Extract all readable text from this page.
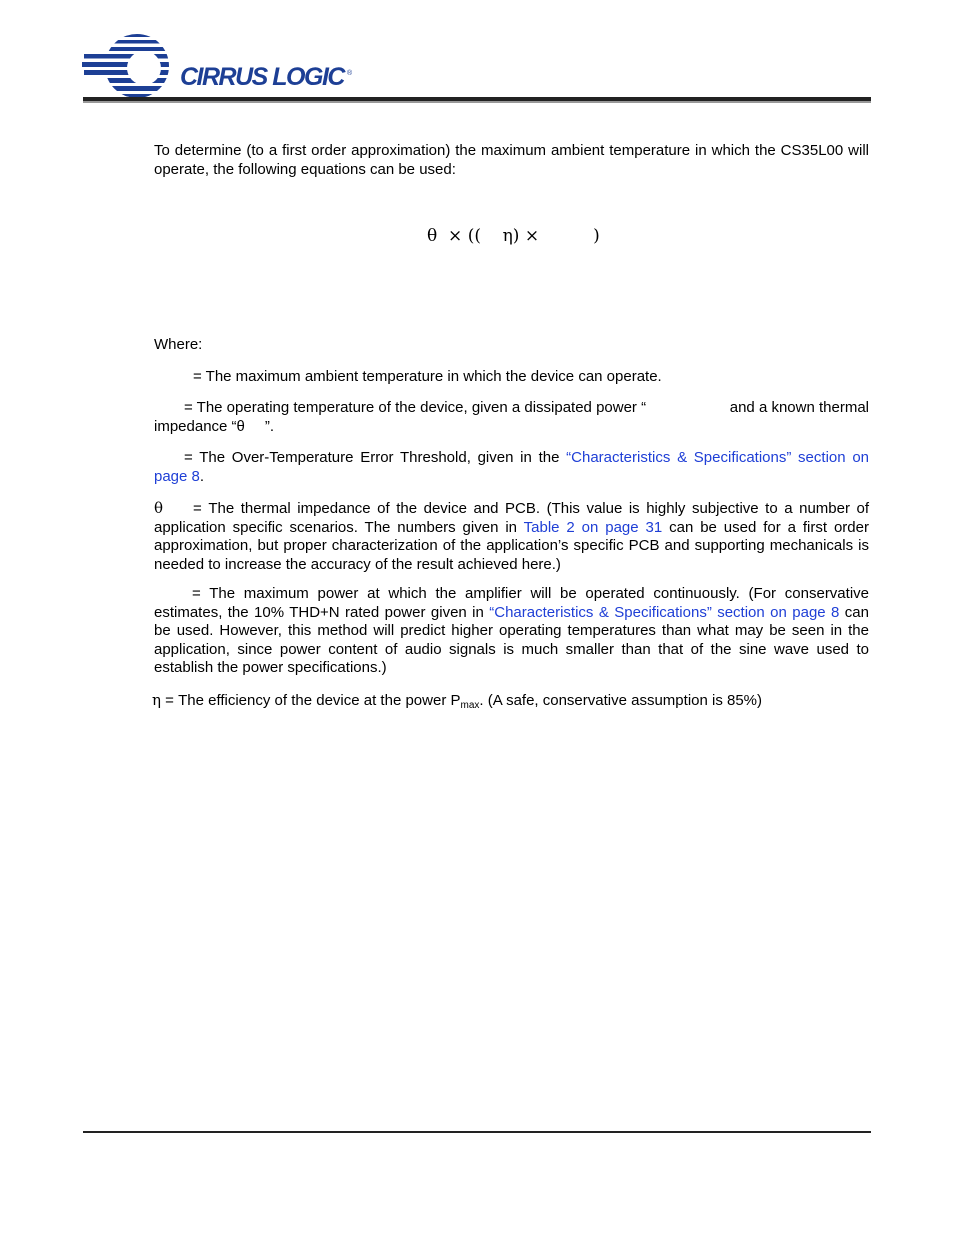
CIRRUS LOGIC ®
To determine (to a first order approximation) the maximum ambient temperature in which the CS35L00 will operate, the following equations can be used:
θ  × ((    η) ×          )
Where:
= The maximum ambient temperature in which the device can operate.
= The operating temperature of the device, given a dissipated power “	and a known thermal
impedance “θ ”.
= The Over-Temperature Error Threshold, given in the “Characteristics & Specifications” section on page 8.
θ = The thermal impedance of the device and PCB. (This value is highly subjective to a number of application specific scenarios. The numbers given in Table 2 on page 31 can be used for a first order approximation, but proper characterization of the application’s specific PCB and supporting mechanicals is needed to increase the accuracy of the result achieved here.)
= The maximum power at which the amplifier will be operated continuously. (For conservative estimates, the 10% THD+N rated power given in “Characteristics & Specifications” section on page 8 can be used. However, this method will predict higher operating temperatures than what may be seen in the application, since power content of audio signals is much smaller than that of the sine wave used to establish the power specifications.)
η = The efficiency of the device at the power $P_{max}$. (A safe, conservative assumption is 85%)
